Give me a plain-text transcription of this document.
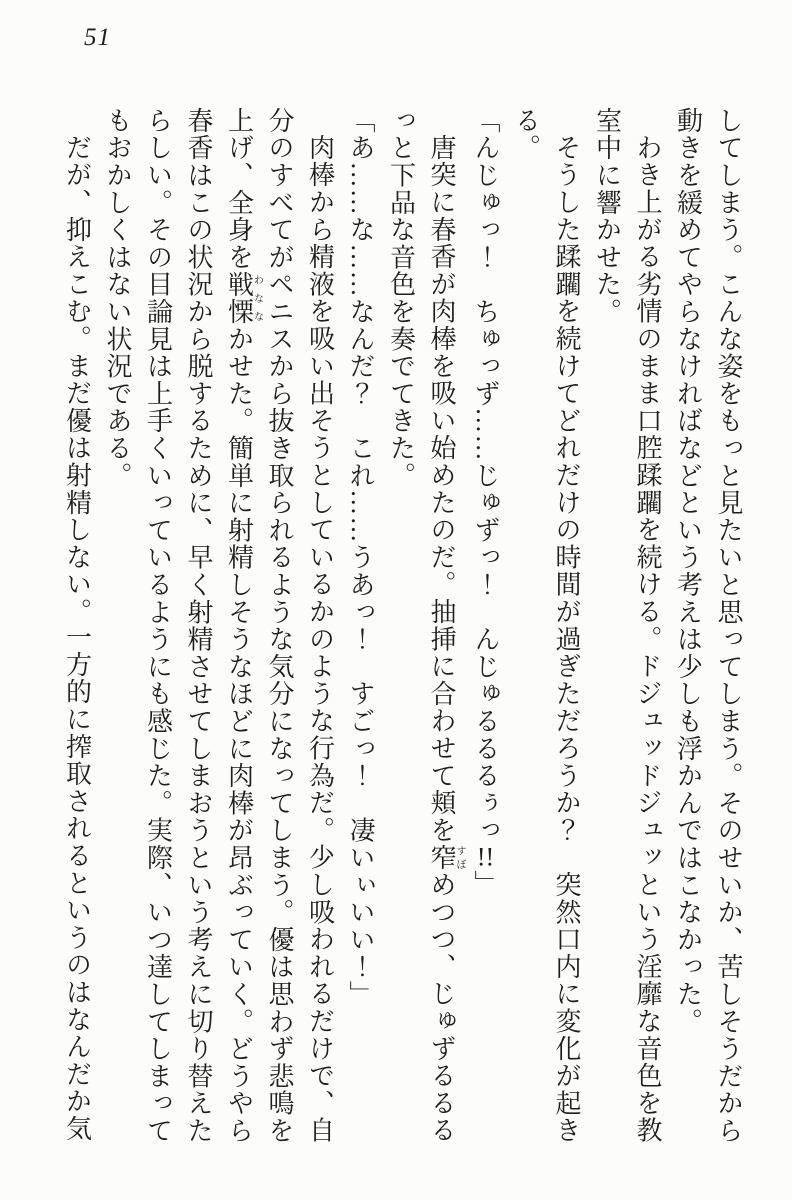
51

してしまう。こんな姿をもっと見たいと思ってしまう。そのせいか、苦しそうだから動きを緩めてやらなければなどという考えは少しも浮かんではこなかった。

わき上がる劣情のまま口腔蹂躙を続ける。ドジュッドジュッという淫靡な音色を教室中に響かせた。

そうした蹂躙を続けてどれだけの時間が過ぎただろうか？　突然口内に変化が起きる。

「んじゅっ！　ちゅっず……じゅずっ！　んじゅるるるぅっ!!」

唐突に春香が肉棒を吸い始めたのだ。抽挿に合わせて頬を窄すぼめつつ、じゅずるるるっと下品な音色を奏でてきた。

「あ……な……なんだ？　これ……うあっ！　すごっ！　凄いぃいい！」

肉棒から精液を吸い出そうとしているかのような行為だ。少し吸われるだけで、自分のすべてがペニスから抜き取られるような気分になってしまう。優は思わず悲鳴を上げ、全身を戦慄わななかせた。簡単に射精しそうなほどに肉棒が昂ぶっていく。どうやら春香はこの状況から脱するために、早く射精させてしまおうという考えに切り替えたらしい。その目論見は上手くいっているようにも感じた。実際、いつ達してしまってもおかしくはない状況である。

だが、抑えこむ。まだ優は射精しない。　一方的に搾取されるというのはなんだか気
